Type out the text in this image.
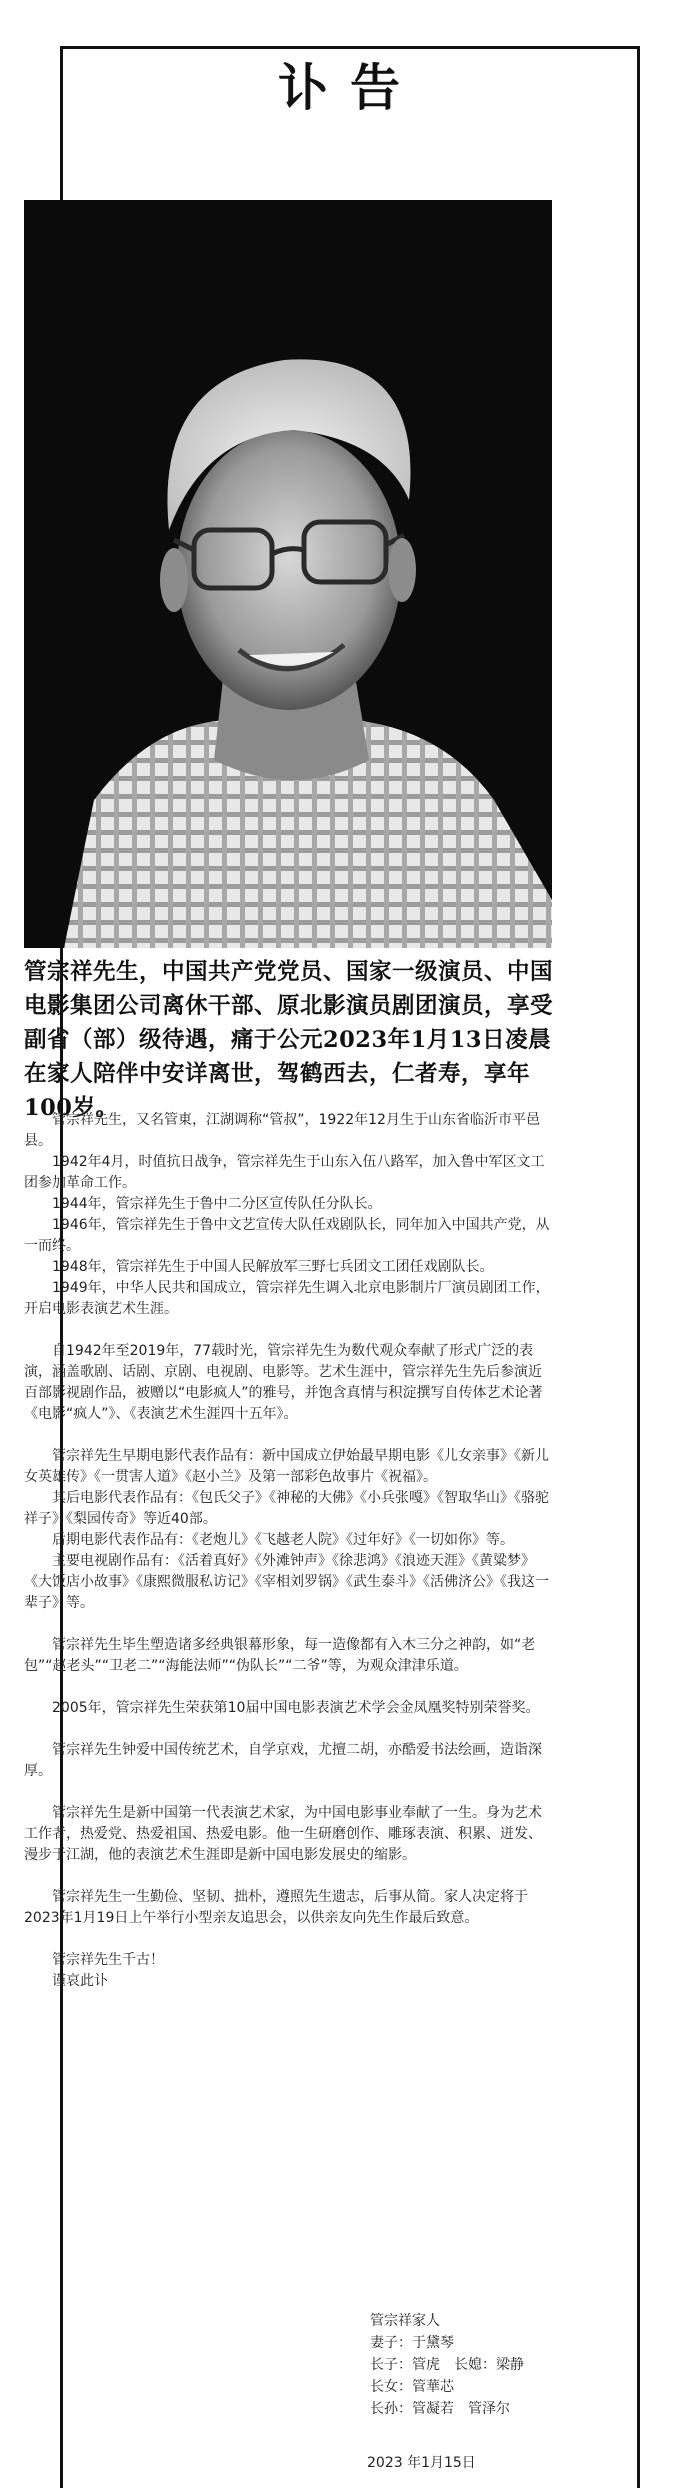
讣告
管宗祥先生，中国共产党党员、国家一级演员、中国电影集团公司离休干部、原北影演员剧团演员，享受副省（部）级待遇，痛于公元2023年1月13日凌晨在家人陪伴中安详离世，驾鹤西去，仁者寿，享年100岁。

管宗祥先生，又名管東，江湖调称“管叔”，1922年12月生于山东省临沂市平邑县。

1942年4月，时值抗日战争，管宗祥先生于山东入伍八路军，加入鲁中军区文工团参加革命工作。

1944年，管宗祥先生于鲁中二分区宣传队任分队长。

1946年，管宗祥先生于鲁中文艺宣传大队任戏剧队长，同年加入中国共产党，从一而终。

1948年，管宗祥先生于中国人民解放军三野七兵团文工团任戏剧队长。

1949年，中华人民共和国成立，管宗祥先生调入北京电影制片厂演员剧团工作，开启电影表演艺术生涯。

自1942年至2019年，77载时光，管宗祥先生为数代观众奉献了形式广泛的表演，涵盖歌剧、话剧、京剧、电视剧、电影等。艺术生涯中，管宗祥先生先后参演近百部影视剧作品，被赠以“电影疯人”的雅号，并饱含真情与积淀撰写自传体艺术论著《电影“疯人”》、《表演艺术生涯四十五年》。

管宗祥先生早期电影代表作品有：新中国成立伊始最早期电影《儿女亲事》《新儿女英雄传》《一贯害人道》《赵小兰》及第一部彩色故事片《祝福》。

其后电影代表作品有：《包氏父子》《神秘的大佛》《小兵张嘎》《智取华山》《骆驼祥子》《梨园传奇》等近40部。

后期电影代表作品有：《老炮儿》《飞越老人院》《过年好》《一切如你》等。

主要电视剧作品有：《活着真好》《外滩钟声》《徐悲鸿》《浪迹天涯》《黄粱梦》《大饭店小故事》《康熙微服私访记》《宰相刘罗锅》《武生泰斗》《活佛济公》《我这一辈子》等。

管宗祥先生毕生塑造诸多经典银幕形象，每一造像都有入木三分之神韵，如“老包”“赵老头”“卫老二”“海能法师”“伪队长”“二爷”等，为观众津津乐道。

2005年，管宗祥先生荣获第10届中国电影表演艺术学会金凤凰奖特别荣誉奖。

管宗祥先生钟爱中国传统艺术，自学京戏，尤擅二胡，亦酷爱书法绘画，造诣深厚。

管宗祥先生是新中国第一代表演艺术家，为中国电影事业奉献了一生。身为艺术工作者，热爱党、热爱祖国、热爱电影。他一生研磨创作、雕琢表演、积累、迸发、漫步于江湖，他的表演艺术生涯即是新中国电影发展史的缩影。

管宗祥先生一生勤俭、坚韧、拙朴，遵照先生遗志，后事从简。家人决定将于2023年1月19日上午举行小型亲友追思会，以供亲友向先生作最后致意。

管宗祥先生千古！

谨哀此讣

管宗祥家人
妻子：于黛琴
长子：管虎 长媳：梁静
长女：管華芯
长孙：管凝若　管泽尔
2023 年1月15日
